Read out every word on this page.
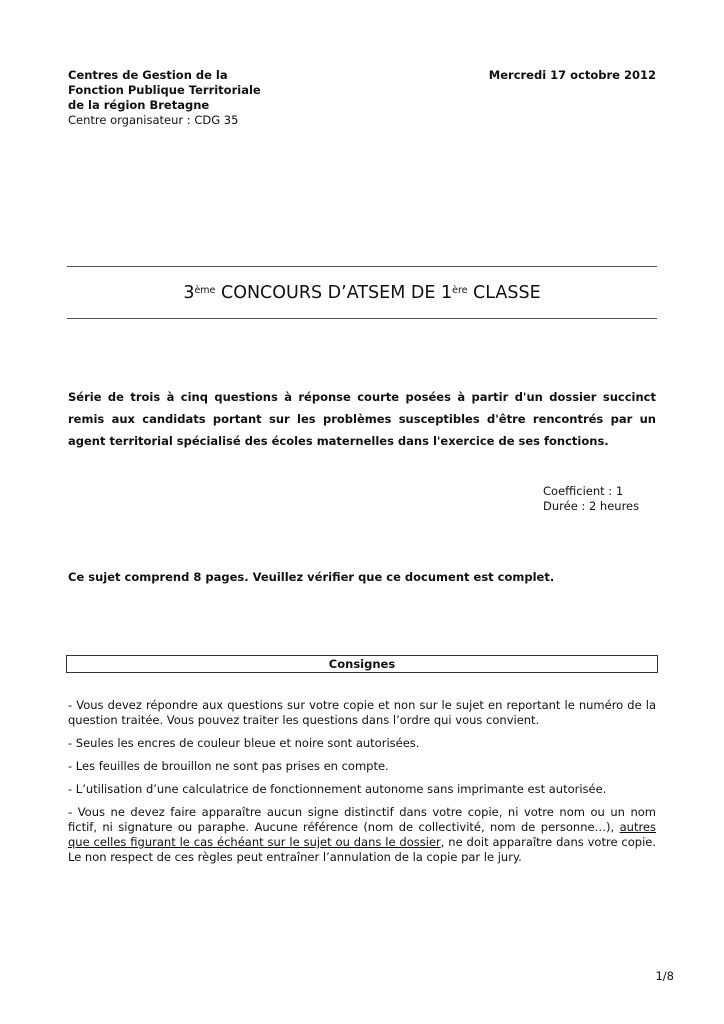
Centres de Gestion de la
Fonction Publique Territoriale
de la région Bretagne
Centre organisateur : CDG 35
Mercredi 17 octobre 2012
3ème CONCOURS D’ATSEM DE 1ère CLASSE
Série de trois à cinq questions à réponse courte posées à partir d'un dossier succinct remis aux candidats portant sur les problèmes susceptibles d'être rencontrés par un agent territorial spécialisé des écoles maternelles dans l'exercice de ses fonctions.
Coefficient : 1
Durée : 2 heures
Ce sujet comprend 8 pages. Veuillez vérifier que ce document est complet.
Consignes

- Vous devez répondre aux questions sur votre copie et non sur le sujet en reportant le numéro de la question traitée. Vous pouvez traiter les questions dans l’ordre qui vous convient.

- Seules les encres de couleur bleue et noire sont autorisées.

- Les feuilles de brouillon ne sont pas prises en compte.

- L’utilisation d’une calculatrice de fonctionnement autonome sans imprimante est autorisée.

- Vous ne devez faire apparaître aucun signe distinctif dans votre copie, ni votre nom ou un nom fictif, ni signature ou paraphe. Aucune référence (nom de collectivité, nom de personne…), autres que celles figurant le cas échéant sur le sujet ou dans le dossier, ne doit apparaître dans votre copie. Le non respect de ces règles peut entraîner l’annulation de la copie par le jury.

1/8
